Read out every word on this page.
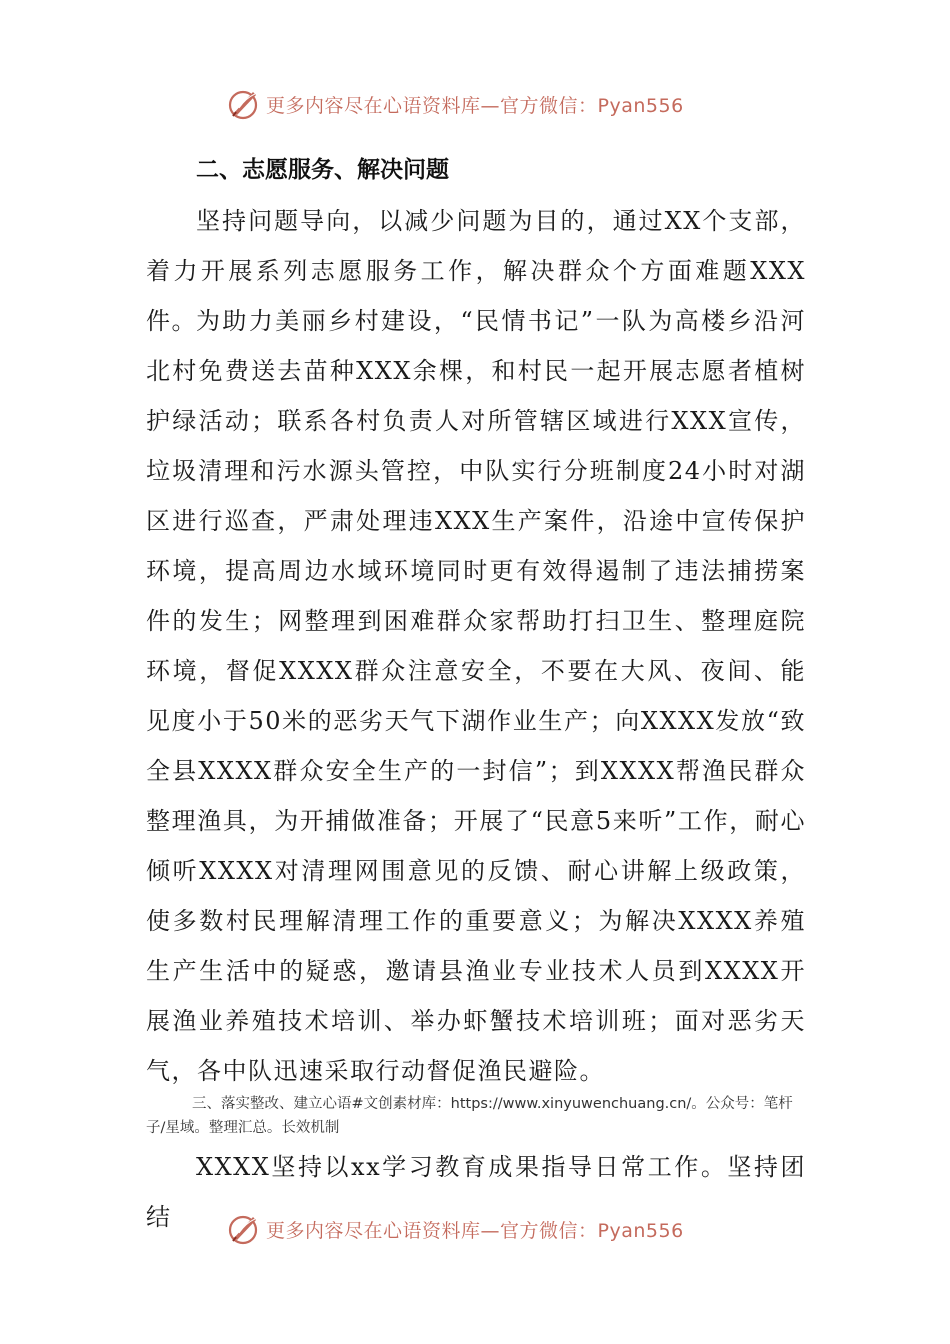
更多内容尽在心语资料库—官方微信：Pyan556
二、志愿服务、解决问题

坚持问题导向，以减少问题为目的，通过XX个支部，着力开展系列志愿服务工作，解决群众个方面难题XXX件。 为助力美丽乡村建设，“民情书记”一队为高楼乡沿河北村免费送去苗种XXX余棵，和村民一起开展志愿者植树护绿活动；联系各村负责人对所管辖区域进行XXX宣传，垃圾清理和污水源头管控，中队实行分班制度24小时对湖区进行巡查，严肃处理违XXX生产案件，沿途中宣传保护环境，提高周边水域环境同时更有效得遏制了违法捕捞案件的发生；网整理到困难群众家帮助打扫卫生、整理庭院环境，督促XXXX群众注意安全，不要在大风、夜间、能见度小于50米的恶劣天气下湖作业生产；向XXXX发放“致全县XXXX群众安全生产的一封信”；到XXXX帮渔民群众整理渔具，为开捕做准备；开展了“民意5来听”工作，耐心倾听XXXX对清理网围意见的反馈、耐心讲解上级政策，使多数村民理解清理工作的重要意义；为解决XXXX养殖生产生活中的疑惑，邀请县渔业专业技术人员到XXXX开展渔业养殖技术培训、举办虾蟹技术培训班；面对恶劣天气，各中队迅速采取行动督促渔民避险。

三、落实整改、建立心语#文创素材库：https://www.xinyuwenchuang.cn/。公众号：笔杆子/星域。整理汇总。长效机制

XXXX坚持以xx学习教育成果指导日常工作。坚持团结	更多内容尽在心语资料库—官方微信：Pyan556
